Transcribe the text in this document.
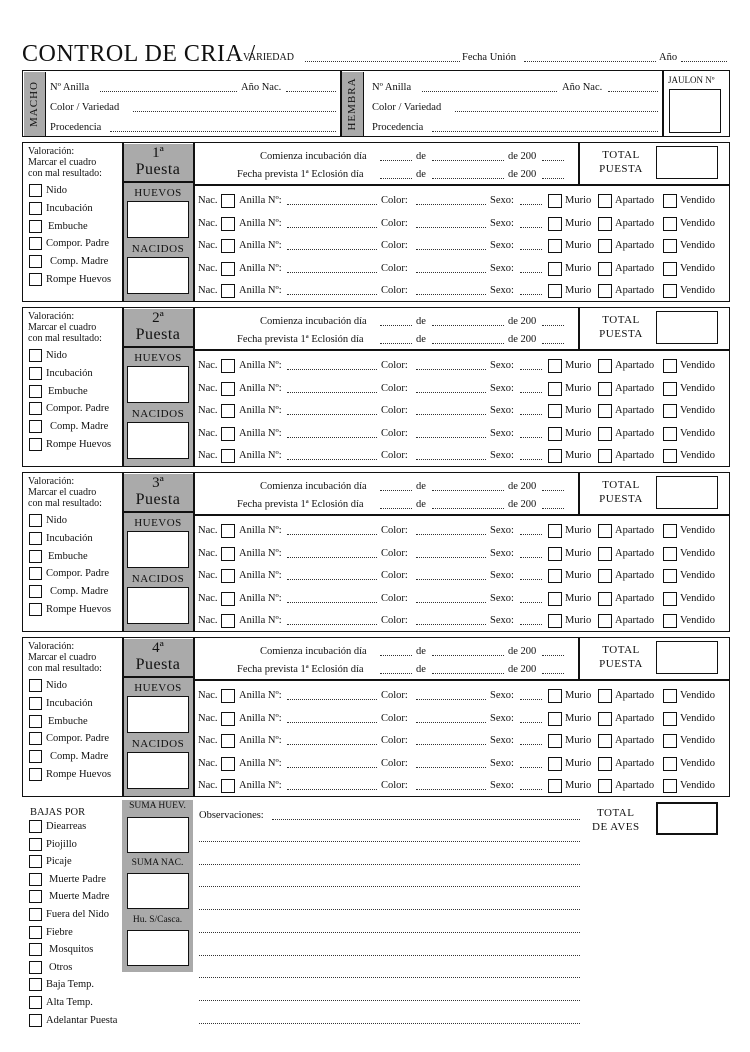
CONTROL DE CRIA /
VARIEDAD	Fecha Unión	Año
MACHO	HEMBRA
Nº Anilla	Año Nac.
Color / Variedad
Procedencia
Nº Anilla	Año Nac.
Color / Variedad
Procedencia
JAULON Nº
1ª
Puesta
HUEVOS
NACIDOS
Valoración:
Marcar el cuadro
con mal resultado:
Nido
Incubación
Embuche
Compor. Padre
Comp. Madre
Rompe Huevos
Comienza incubación día	de	de 200
Fecha prevista 1ª Eclosión día	de	de 200
TOTAL
PUESTA
Nac. Anilla Nº:	Color:	Sexo:	Murio Apartado Vendido
Nac. Anilla Nº:	Color:	Sexo:	Murio Apartado Vendido
Nac. Anilla Nº:	Color:	Sexo:	Murio Apartado Vendido
Nac. Anilla Nº:	Color:	Sexo:	Murio Apartado Vendido
Nac. Anilla Nº:	Color:	Sexo:	Murio Apartado Vendido
2ª
Puesta
HUEVOS
NACIDOS
Valoración:
Marcar el cuadro
con mal resultado:
Nido
Incubación
Embuche
Compor. Padre
Comp. Madre
Rompe Huevos
Comienza incubación día	de	de 200
Fecha prevista 1ª Eclosión día	de	de 200
TOTAL
PUESTA
Nac. Anilla Nº:	Color:	Sexo:	Murio Apartado Vendido
Nac. Anilla Nº:	Color:	Sexo:	Murio Apartado Vendido
Nac. Anilla Nº:	Color:	Sexo:	Murio Apartado Vendido
Nac. Anilla Nº:	Color:	Sexo:	Murio Apartado Vendido
Nac. Anilla Nº:	Color:	Sexo:	Murio Apartado Vendido
3ª
Puesta
HUEVOS
NACIDOS
Valoración:
Marcar el cuadro
con mal resultado:
Nido
Incubación
Embuche
Compor. Padre
Comp. Madre
Rompe Huevos
Comienza incubación día	de	de 200
Fecha prevista 1ª Eclosión día	de	de 200
TOTAL
PUESTA
Nac. Anilla Nº:	Color:	Sexo:	Murio Apartado Vendido
Nac. Anilla Nº:	Color:	Sexo:	Murio Apartado Vendido
Nac. Anilla Nº:	Color:	Sexo:	Murio Apartado Vendido
Nac. Anilla Nº:	Color:	Sexo:	Murio Apartado Vendido
Nac. Anilla Nº:	Color:	Sexo:	Murio Apartado Vendido
4ª
Puesta
HUEVOS
NACIDOS
Valoración:
Marcar el cuadro
con mal resultado:
Nido
Incubación
Embuche
Compor. Padre
Comp. Madre
Rompe Huevos
Comienza incubación día	de	de 200
Fecha prevista 1ª Eclosión día	de	de 200
TOTAL
PUESTA
Nac. Anilla Nº:	Color:	Sexo:	Murio Apartado Vendido
Nac. Anilla Nº:	Color:	Sexo:	Murio Apartado Vendido
Nac. Anilla Nº:	Color:	Sexo:	Murio Apartado Vendido
Nac. Anilla Nº:	Color:	Sexo:	Murio Apartado Vendido
Nac. Anilla Nº:	Color:	Sexo:	Murio Apartado Vendido
BAJAS POR
Diearreas
Piojillo
Picaje
Muerte Padre
Muerte Madre
Fuera del Nido
Fiebre
Mosquitos
Otros
Baja Temp.
Alta Temp.
Adelantar Puesta
SUMA HUEV.
SUMA NAC.
Hu. S/Casca.
Observaciones:	TOTAL
DE AVES
